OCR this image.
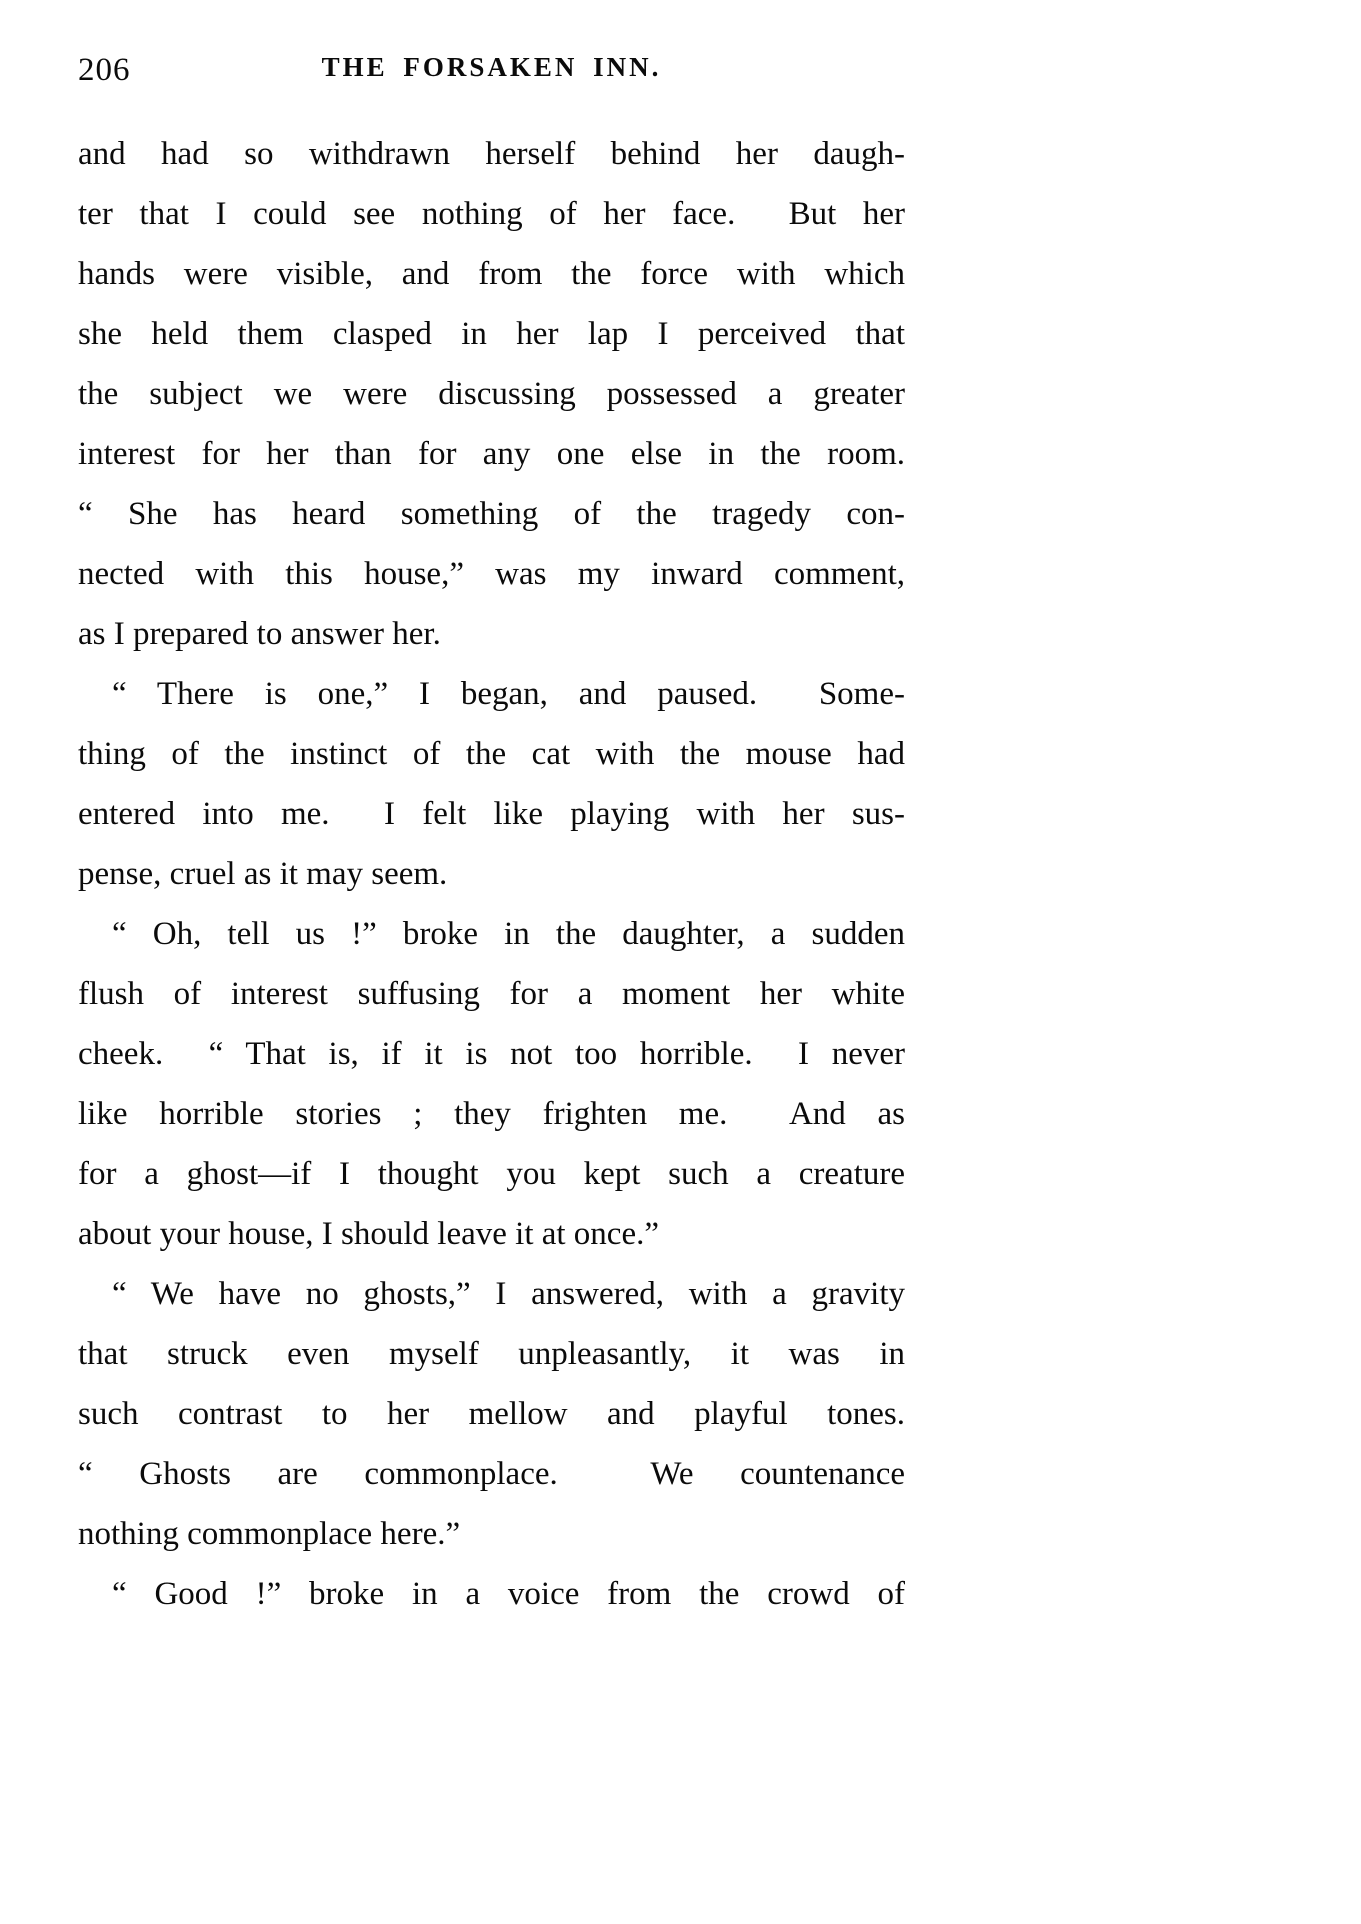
206	THE FORSAKEN INN.
and had so withdrawn herself behind her daugh-
ter that I could see nothing of her face.  But her
hands were visible, and from the force with which
she held them clasped in her lap I perceived that
the subject we were discussing possessed a greater
interest for her than for any one else in the room.
“ She has heard something of the tragedy con-
nected with this house,” was my inward comment,
as I prepared to answer her.
“ There is one,” I began, and paused.  Some-
thing of the instinct of the cat with the mouse had
entered into me.  I felt like playing with her sus-
pense, cruel as it may seem.
“ Oh, tell us !” broke in the daughter, a sudden
flush of interest suffusing for a moment her white
cheek.  “ That is, if it is not too horrible.  I never
like horrible stories ; they frighten me.  And as
for a ghost—if I thought you kept such a creature
about your house, I should leave it at once.”
“ We have no ghosts,” I answered, with a gravity
that struck even myself unpleasantly, it was in
such contrast to her mellow and playful tones.
“ Ghosts are commonplace.  We countenance
nothing commonplace here.”
“ Good !” broke in a voice from the crowd of
